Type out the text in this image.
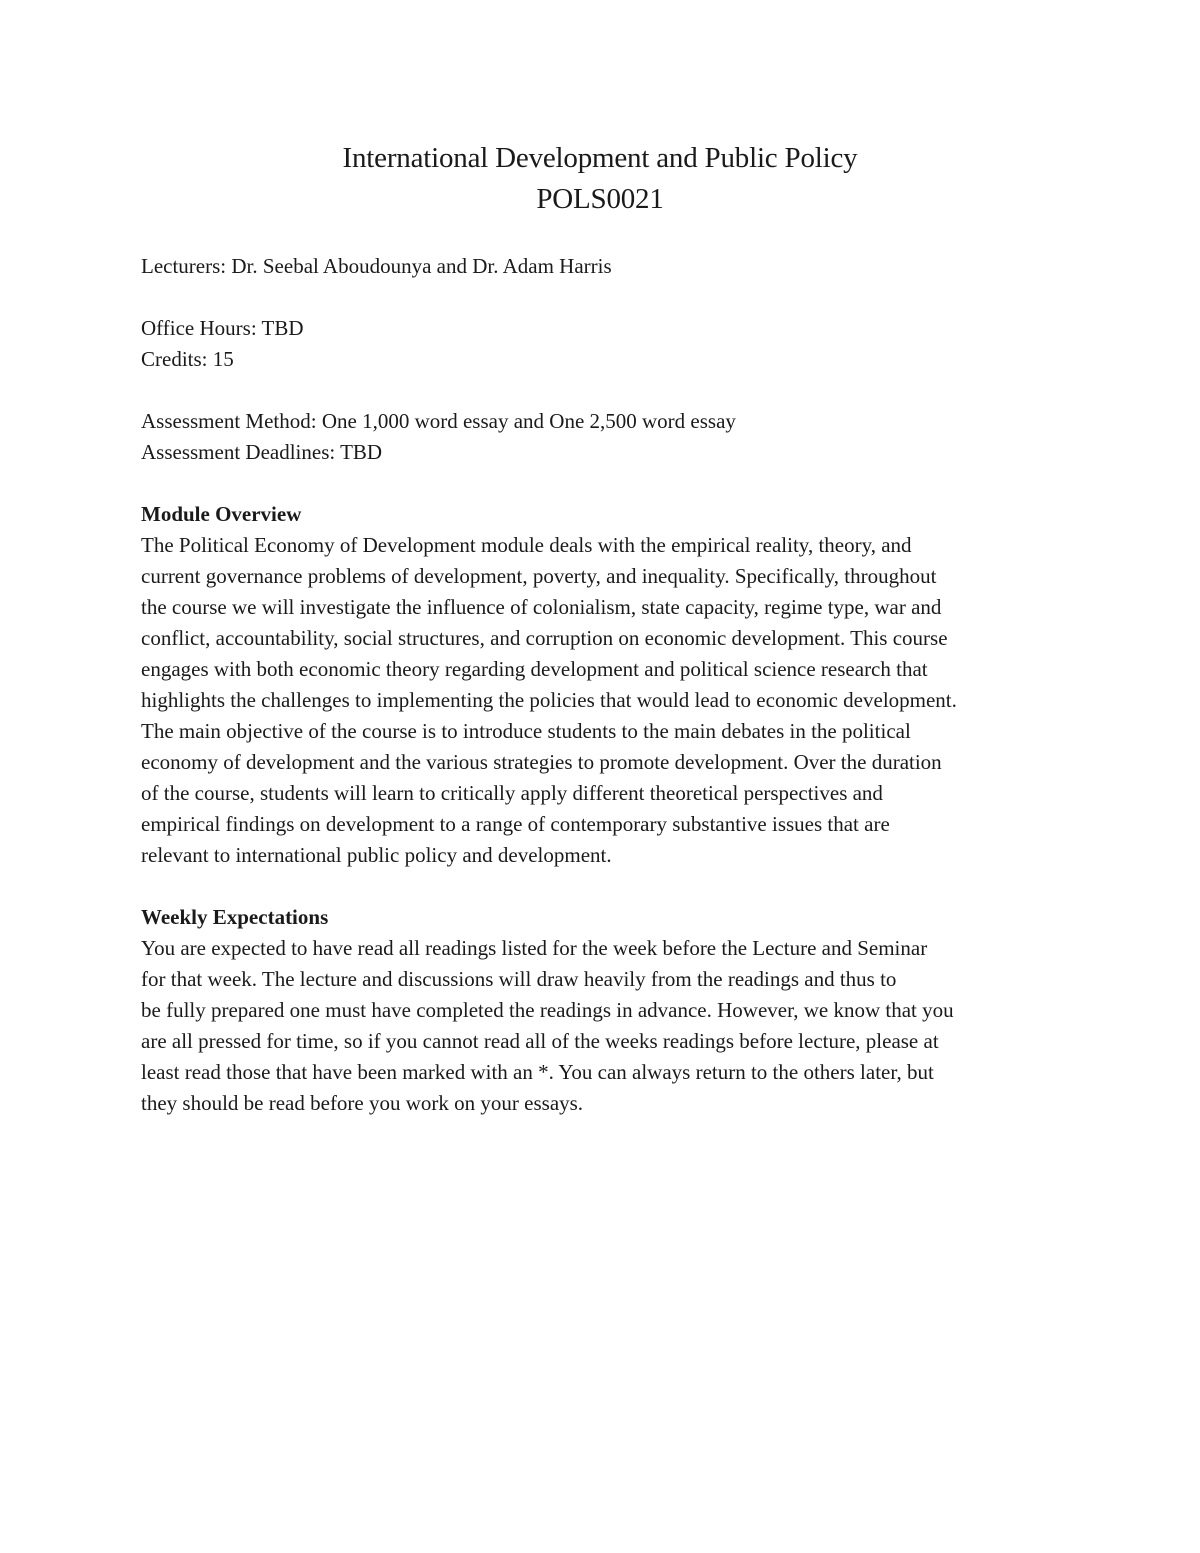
International Development and Public Policy
POLS0021

Lecturers: Dr. Seebal Aboudounya and Dr. Adam Harris

Office Hours: TBD

Credits: 15

Assessment Method: One 1,000 word essay and One 2,500 word essay

Assessment Deadlines: TBD

Module Overview

The Political Economy of Development module deals with the empirical reality, theory, and
current governance problems of development, poverty, and inequality. Specifically, throughout
the course we will investigate the influence of colonialism, state capacity, regime type, war and
conflict, accountability, social structures, and corruption on economic development. This course
engages with both economic theory regarding development and political science research that
highlights the challenges to implementing the policies that would lead to economic development.
The main objective of the course is to introduce students to the main debates in the political
economy of development and the various strategies to promote development. Over the duration
of the course, students will learn to critically apply different theoretical perspectives and
empirical findings on development to a range of contemporary substantive issues that are
relevant to international public policy and development.

Weekly Expectations

You are expected to have read all readings listed for the week before the Lecture and Seminar
for that week. The lecture and discussions will draw heavily from the readings and thus to
be fully prepared one must have completed the readings in advance. However, we know that you
are all pressed for time, so if you cannot read all of the weeks readings before lecture, please at
least read those that have been marked with an *. You can always return to the others later, but
they should be read before you work on your essays.
